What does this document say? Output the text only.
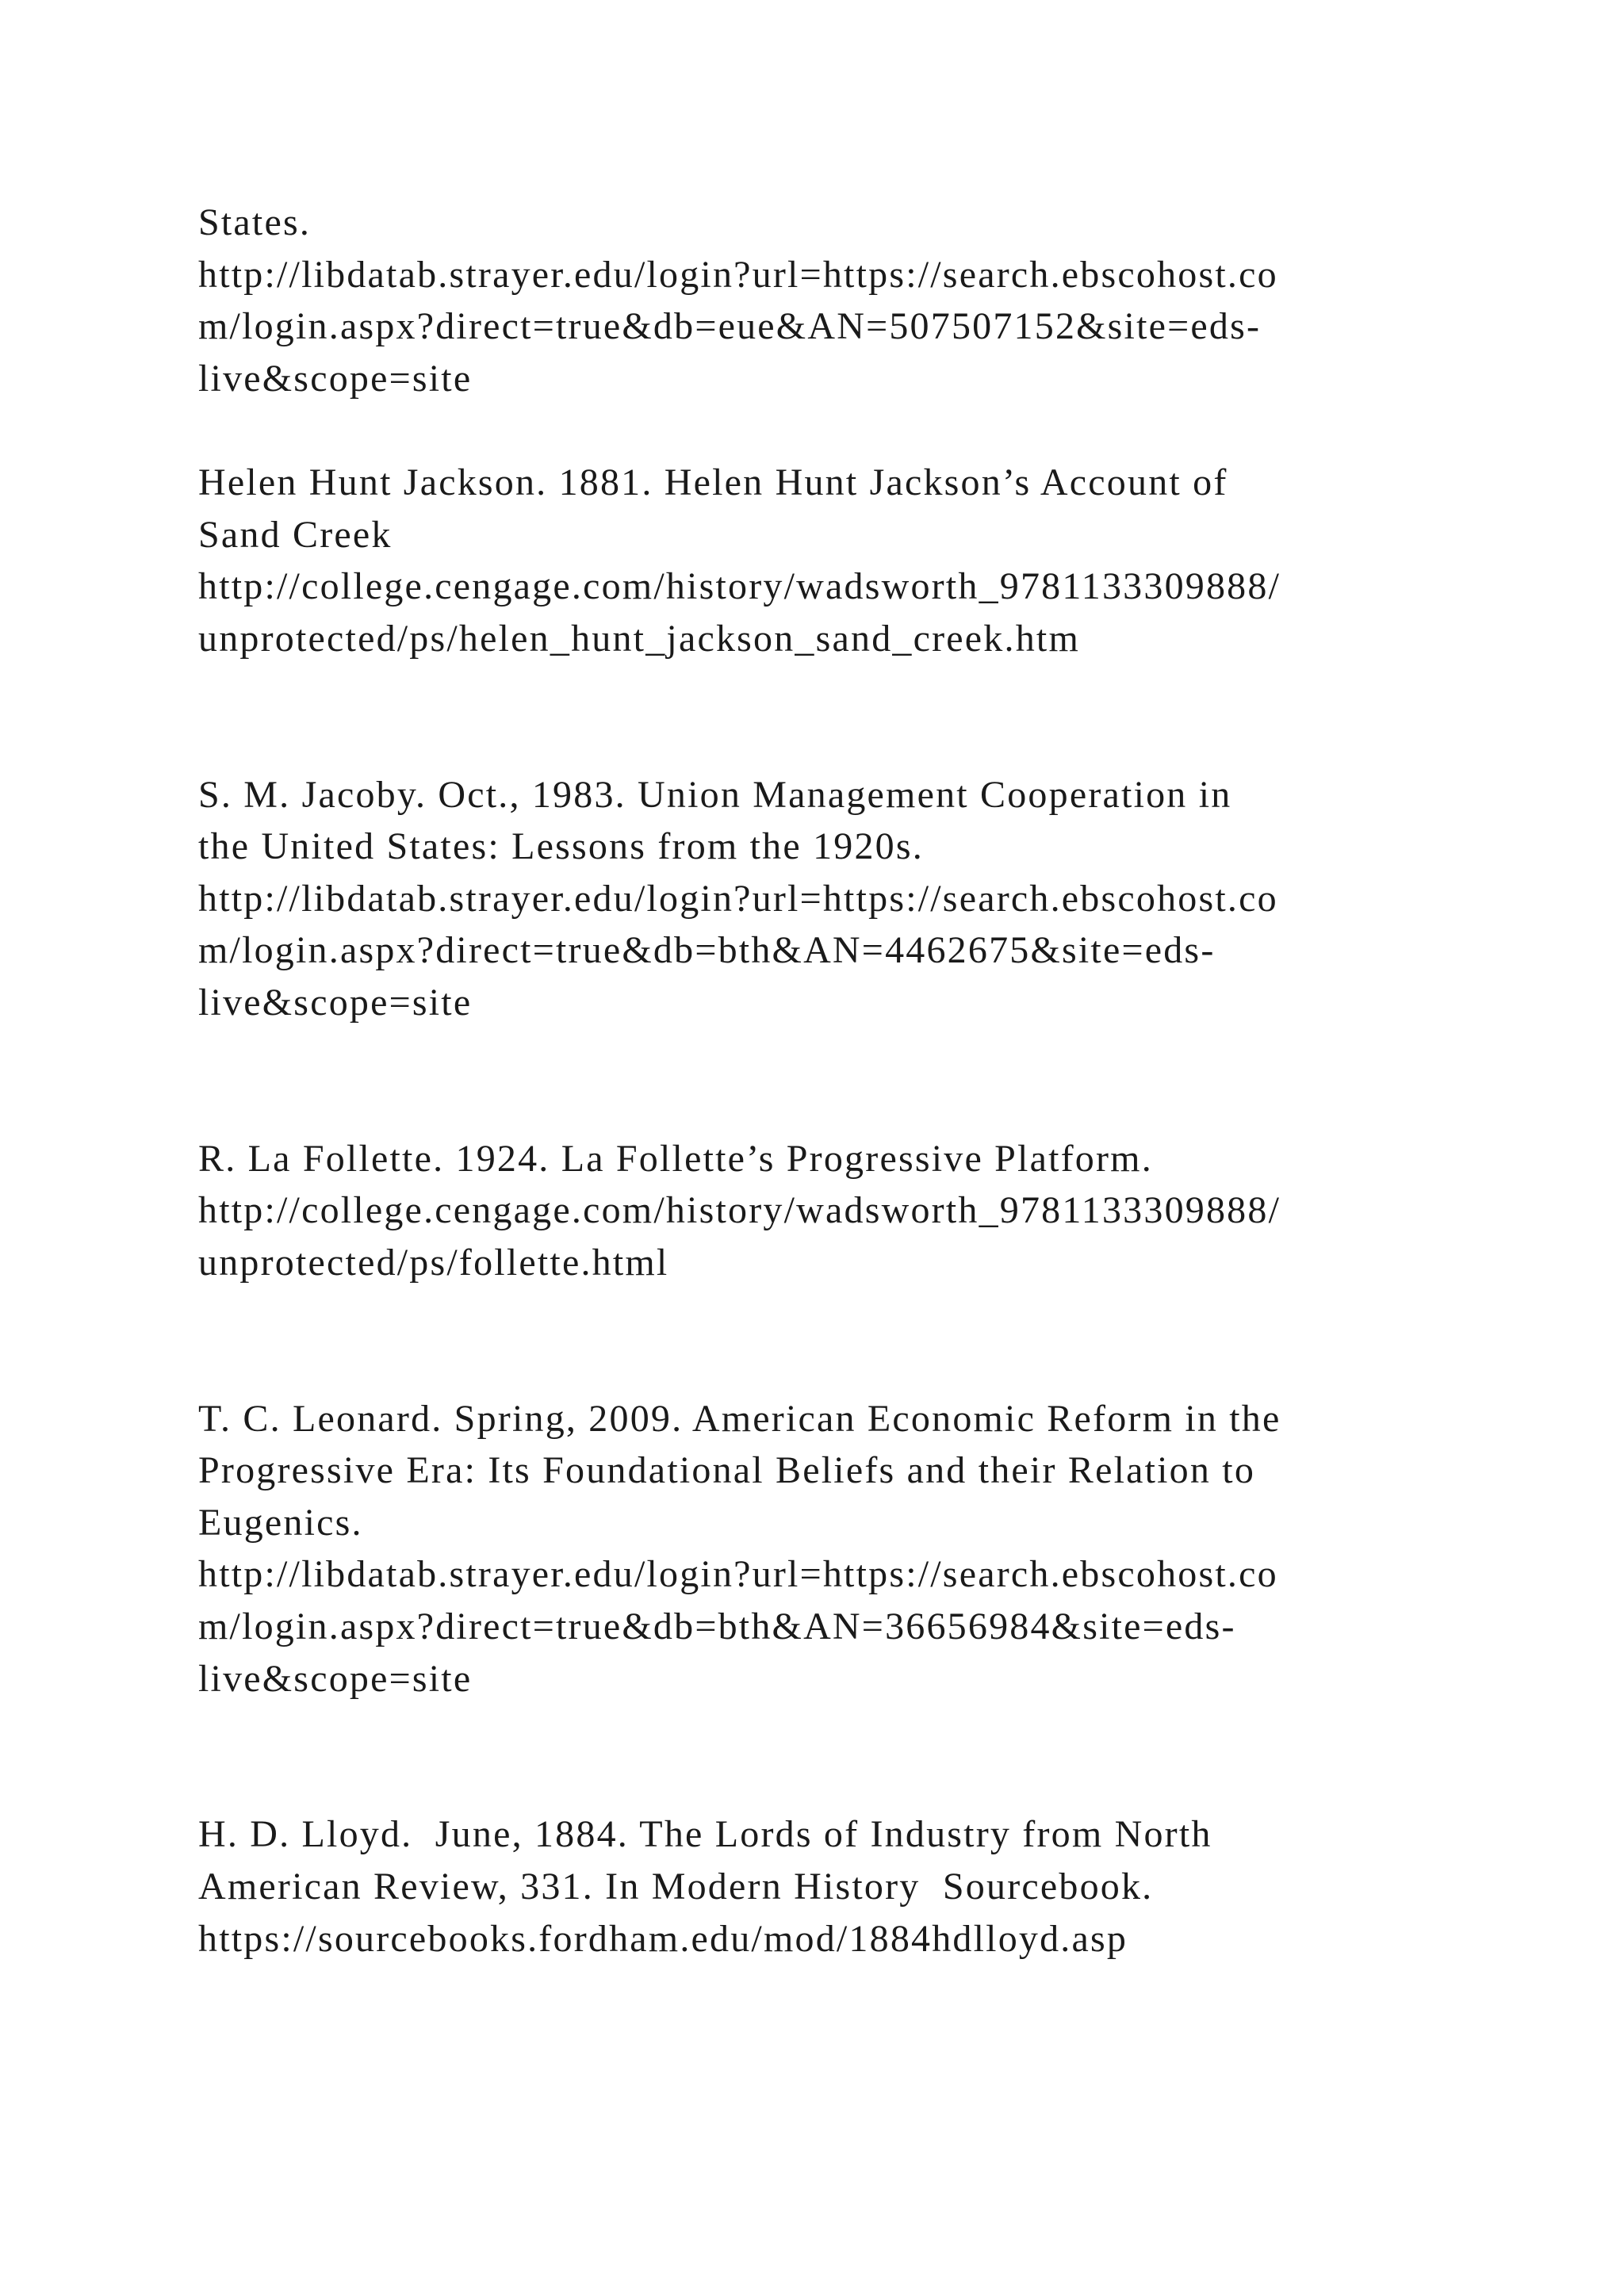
States.
http://libdatab.strayer.edu/login?url=https://search.ebscohost.co
m/login.aspx?direct=true&db=eue&AN=507507152&site=eds-
live&scope=site

Helen Hunt Jackson. 1881. Helen Hunt Jackson’s Account of
Sand Creek
http://college.cengage.com/history/wadsworth_9781133309888/
unprotected/ps/helen_hunt_jackson_sand_creek.htm

S. M. Jacoby. Oct., 1983. Union Management Cooperation in
the United States: Lessons from the 1920s.
http://libdatab.strayer.edu/login?url=https://search.ebscohost.co
m/login.aspx?direct=true&db=bth&AN=4462675&site=eds-
live&scope=site

R. La Follette. 1924. La Follette’s Progressive Platform.
http://college.cengage.com/history/wadsworth_9781133309888/
unprotected/ps/follette.html

T. C. Leonard. Spring, 2009. American Economic Reform in the
Progressive Era: Its Foundational Beliefs and their Relation to
Eugenics.
http://libdatab.strayer.edu/login?url=https://search.ebscohost.co
m/login.aspx?direct=true&db=bth&AN=36656984&site=eds-
live&scope=site

H. D. Lloyd.  June, 1884. The Lords of Industry from North
American Review, 331. In Modern History  Sourcebook.
https://sourcebooks.fordham.edu/mod/1884hdlloyd.asp
